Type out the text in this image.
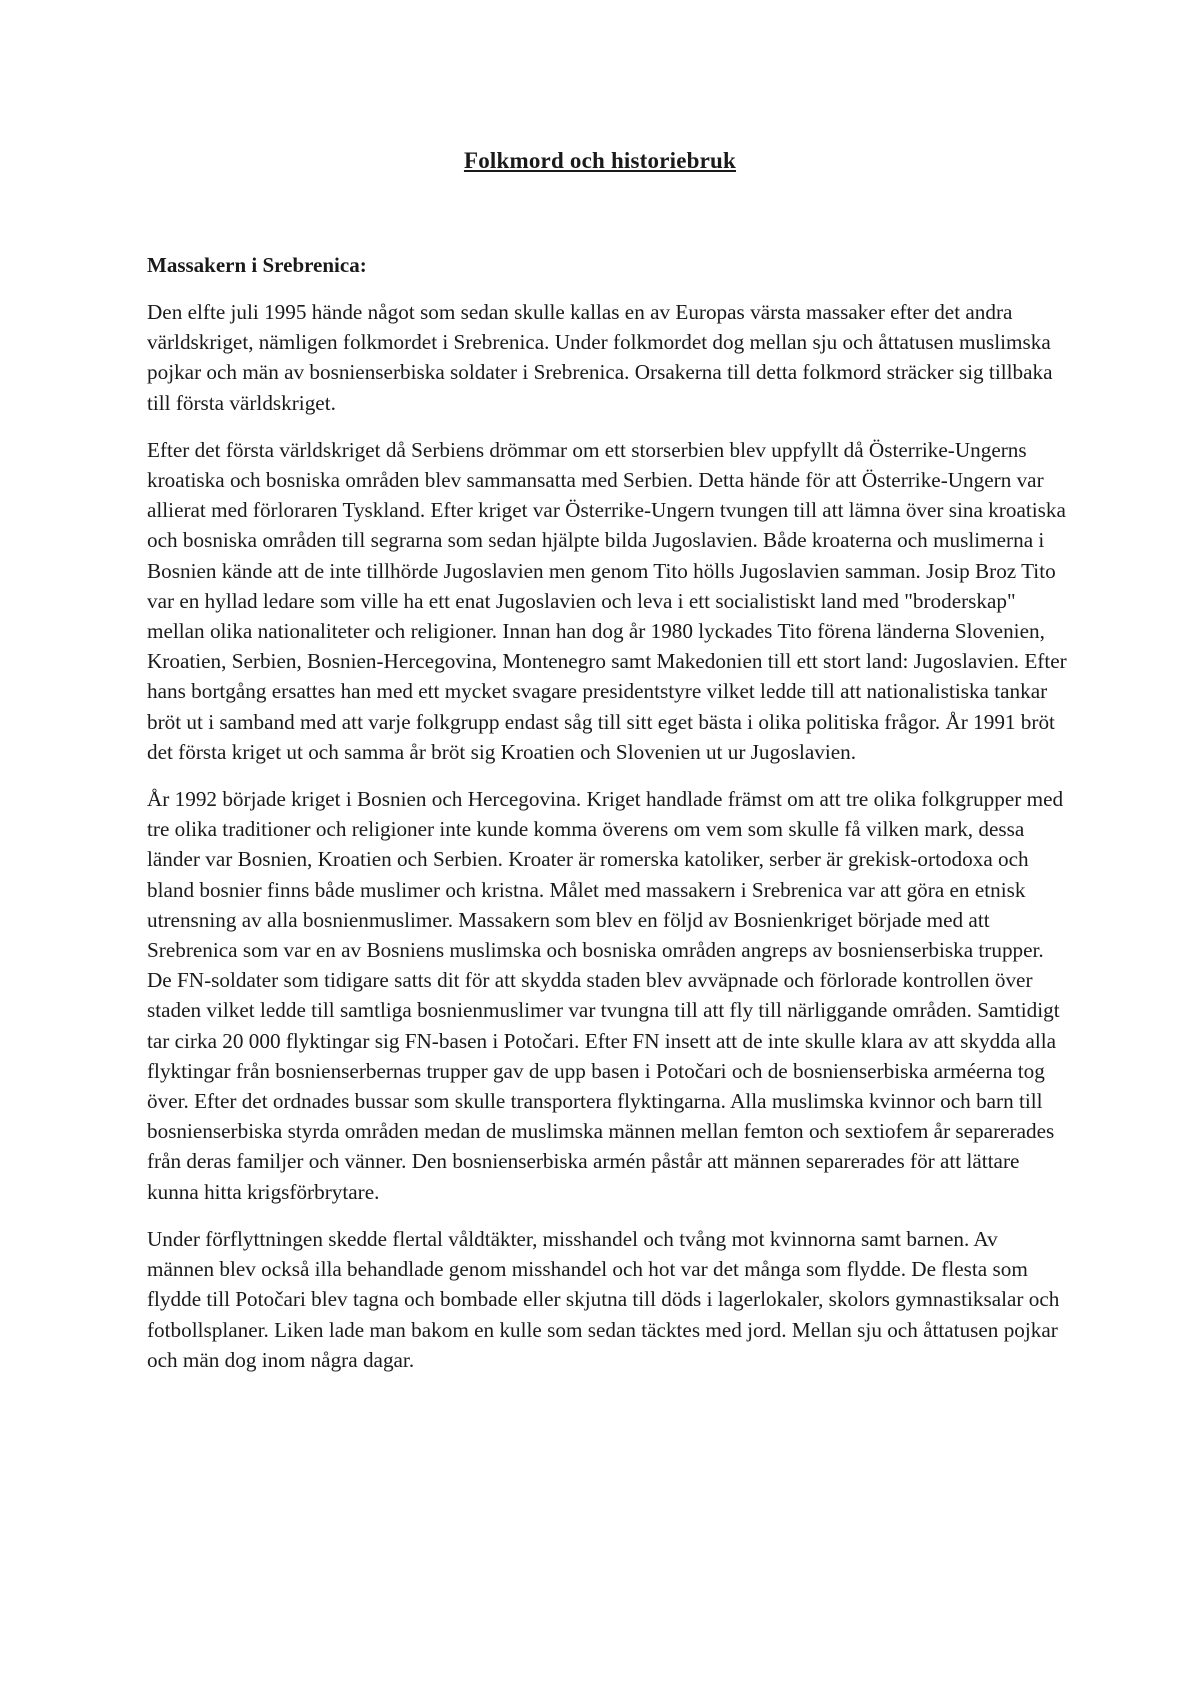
Folkmord och historiebruk
Massakern i Srebrenica:

Den elfte juli 1995 hände något som sedan skulle kallas en av Europas värsta massaker efter det andra världskriget, nämligen folkmordet i Srebrenica. Under folkmordet dog mellan sju och åttatusen muslimska pojkar och män av bosnienserbiska soldater i Srebrenica. Orsakerna till detta folkmord sträcker sig tillbaka till första världskriget.

Efter det första världskriget då Serbiens drömmar om ett storserbien blev uppfyllt då Österrike-Ungerns kroatiska och bosniska områden blev sammansatta med Serbien. Detta hände för att Österrike-Ungern var allierat med förloraren Tyskland. Efter kriget var Österrike-Ungern tvungen till att lämna över sina kroatiska och bosniska områden till segrarna som sedan hjälpte bilda Jugoslavien. Både kroaterna och muslimerna i Bosnien kände att de inte tillhörde Jugoslavien men genom Tito hölls Jugoslavien samman. Josip Broz Tito var en hyllad ledare som ville ha ett enat Jugoslavien och leva i ett socialistiskt land med "broderskap" mellan olika nationaliteter och religioner. Innan han dog år 1980 lyckades Tito förena länderna Slovenien, Kroatien, Serbien, Bosnien-Hercegovina, Montenegro samt Makedonien till ett stort land: Jugoslavien. Efter hans bortgång ersattes han med ett mycket svagare presidentstyre vilket ledde till att nationalistiska tankar bröt ut i samband med att varje folkgrupp endast såg till sitt eget bästa i olika politiska frågor. År 1991 bröt det första kriget ut och samma år bröt sig Kroatien och Slovenien ut ur Jugoslavien.

År 1992 började kriget i Bosnien och Hercegovina. Kriget handlade främst om att tre olika folkgrupper med tre olika traditioner och religioner inte kunde komma överens om vem som skulle få vilken mark, dessa länder var Bosnien, Kroatien och Serbien. Kroater är romerska katoliker, serber är grekisk-ortodoxa och bland bosnier finns både muslimer och kristna. Målet med massakern i Srebrenica var att göra en etnisk utrensning av alla bosnienmuslimer. Massakern som blev en följd av Bosnienkriget började med att Srebrenica som var en av Bosniens muslimska och bosniska områden angreps av bosnienserbiska trupper. De FN-soldater som tidigare satts dit för att skydda staden blev avväpnade och förlorade kontrollen över staden vilket ledde till samtliga bosnienmuslimer var tvungna till att fly till närliggande områden. Samtidigt tar cirka 20 000 flyktingar sig FN-basen i Potočari. Efter FN insett att de inte skulle klara av att skydda alla flyktingar från bosnienserbernas trupper gav de upp basen i Potočari och de bosnienserbiska arméerna tog över. Efter det ordnades bussar som skulle transportera flyktingarna. Alla muslimska kvinnor och barn till bosnienserbiska styrda områden medan de muslimska männen mellan femton och sextiofem år separerades från deras familjer och vänner. Den bosnienserbiska armén påstår att männen separerades för att lättare kunna hitta krigsförbrytare.

Under förflyttningen skedde flertal våldtäkter, misshandel och tvång mot kvinnorna samt barnen. Av männen blev också illa behandlade genom misshandel och hot var det många som flydde. De flesta som flydde till Potočari blev tagna och bombade eller skjutna till döds i lagerlokaler, skolors gymnastiksalar och fotbollsplaner. Liken lade man bakom en kulle som sedan täcktes med jord. Mellan sju och åttatusen pojkar och män dog inom några dagar.
